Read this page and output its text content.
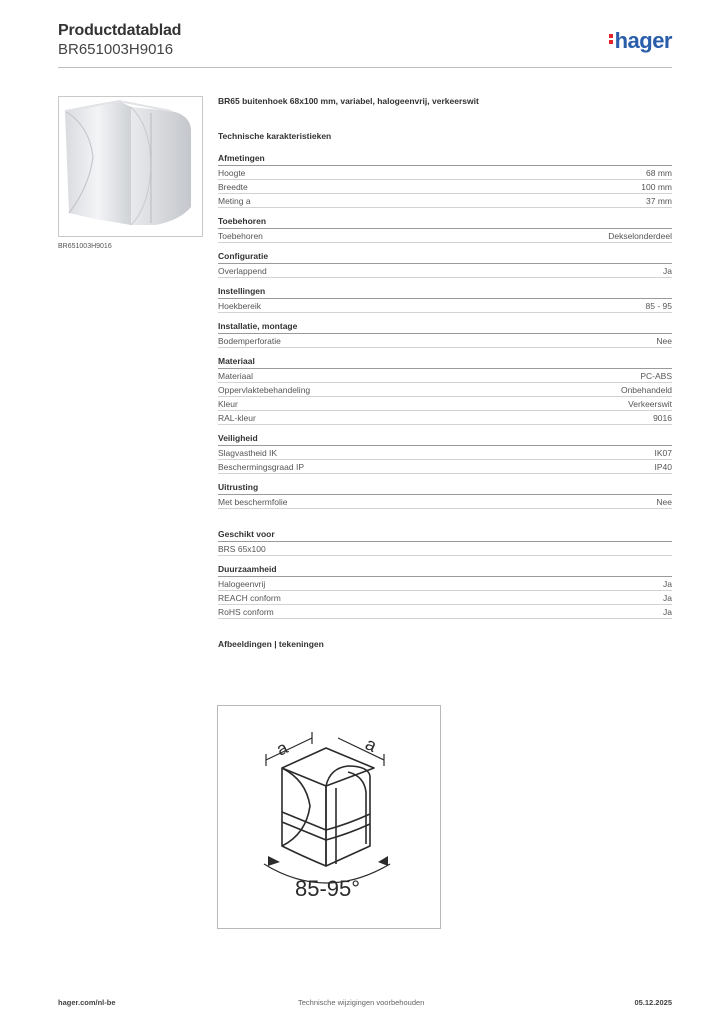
Productdatablad
BR651003H9016	hager
BR651003H9016
BR65 buitenhoek 68x100 mm, variabel, halogeenvrij, verkeerswit
Technische karakteristieken
Afmetingen
Hoogte	68 mm
Breedte	100 mm
Meting a	37 mm
Toebehoren
Toebehoren	Dekselonderdeel
Configuratie
Overlappend	Ja
Instellingen
Hoekbereik	85 - 95
Installatie, montage
Bodemperforatie	Nee
Materiaal
Materiaal	PC-ABS
Oppervlaktebehandeling	Onbehandeld
Kleur	Verkeerswit
RAL-kleur	9016
Veiligheid
Slagvastheid IK	IK07
Beschermingsgraad IP	IP40
Uitrusting
Met beschermfolie	Nee
Geschikt voor
BRS 65x100
Duurzaamheid
Halogeenvrij	Ja
REACH conform	Ja
RoHS conform	Ja
Afbeeldingen | tekeningen
a	a
85-95°
hager.com/nl-be	Technische wijzigingen voorbehouden	05.12.2025
